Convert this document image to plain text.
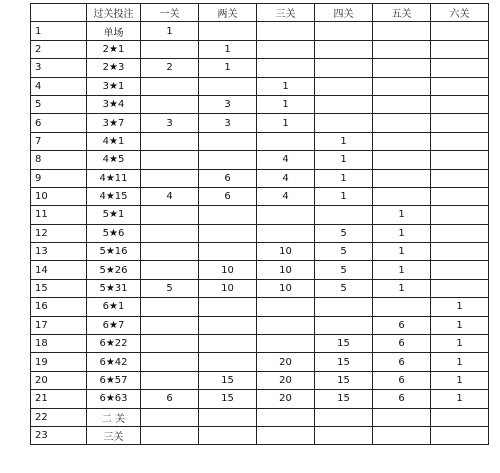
	过关投注	一关	两关	三关	四关	五关	六关
1	单场	1					
2	2★1		1				
3	2★3	2	1				
4	3★1			1			
5	3★4		3	1			
6	3★7	3	3	1			
7	4★1				1		
8	4★5			4	1		
9	4★11		6	4	1		
10	4★15	4	6	4	1		
11	5★1					1	
12	5★6				5	1	
13	5★16			10	5	1	
14	5★26		10	10	5	1	
15	5★31	5	10	10	5	1	
16	6★1						1
17	6★7					6	1
18	6★22				15	6	1
19	6★42			20	15	6	1
20	6★57		15	20	15	6	1
21	6★63	6	15	20	15	6	1
22	二 关						
23	三关						
